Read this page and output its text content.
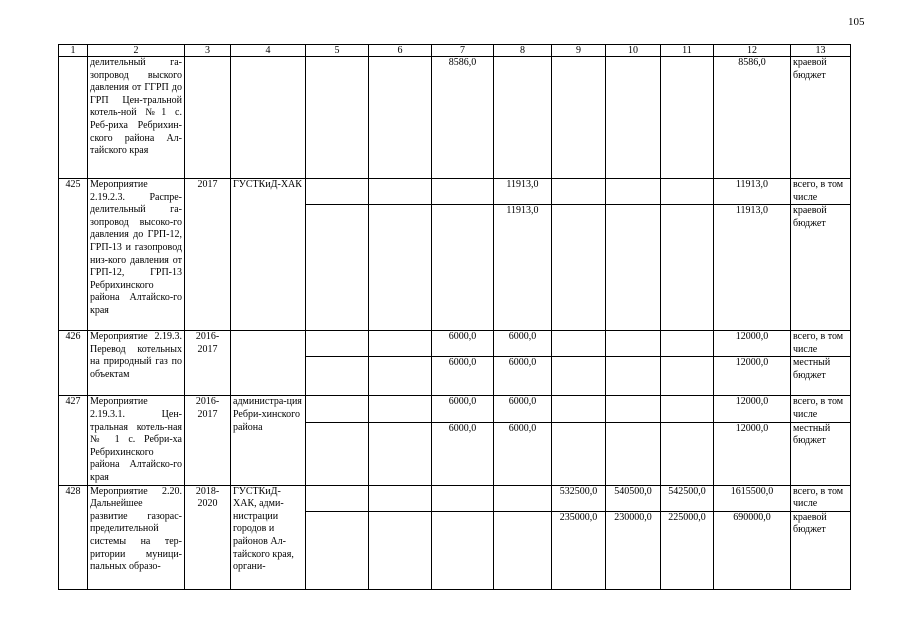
105
1	2	3	4	5	6	7	8	9	10	11	12	13
	делительный га-зопровод выского давления от ГГРП до ГРП Цен-тральной котель-ной №1 с. Реб-риха Ребрихин-ского района Ал-тайского края					8586,0					8586,0	краевой бюджет
425	Мероприятие 2.19.2.3. Распре-делительный га-зопровод высоко-го давления до ГРП-12, ГРП-13 и газопровод низ-кого давления от ГРП-12, ГРП-13 Ребрихинского района Алтайско-го края	2017	ГУСТКиД-ХАК				11913,0				11913,0	всего, в том числе
							11913,0				11913,0	краевой бюджет
426	Мероприятие 2.19.3. Перевод котельных на природный газ по объектам	2016-2017				6000,0	6000,0				12000,0	всего, в том числе
						6000,0	6000,0				12000,0	местный бюджет
427	Мероприятие 2.19.3.1. Цен-тральная котель-ная № 1 с. Ребри-ха Ребрихинского района Алтайско-го края	2016-2017	администра-ция Ребри-хинского района			6000,0	6000,0				12000,0	всего, в том числе
						6000,0	6000,0				12000,0	местный бюджет
428	Мероприятие 2.20. Дальнейшее развитие газорас-пределительной системы на тер-ритории муници-пальных образо-	2018-2020	ГУСТКиД-ХАК, адми-нистрации городов и районов Ал-тайского края, органи-					532500,0	540500,0	542500,0	1615500,0	всего, в том числе
								235000,0	230000,0	225000,0	690000,0	краевой бюджет
